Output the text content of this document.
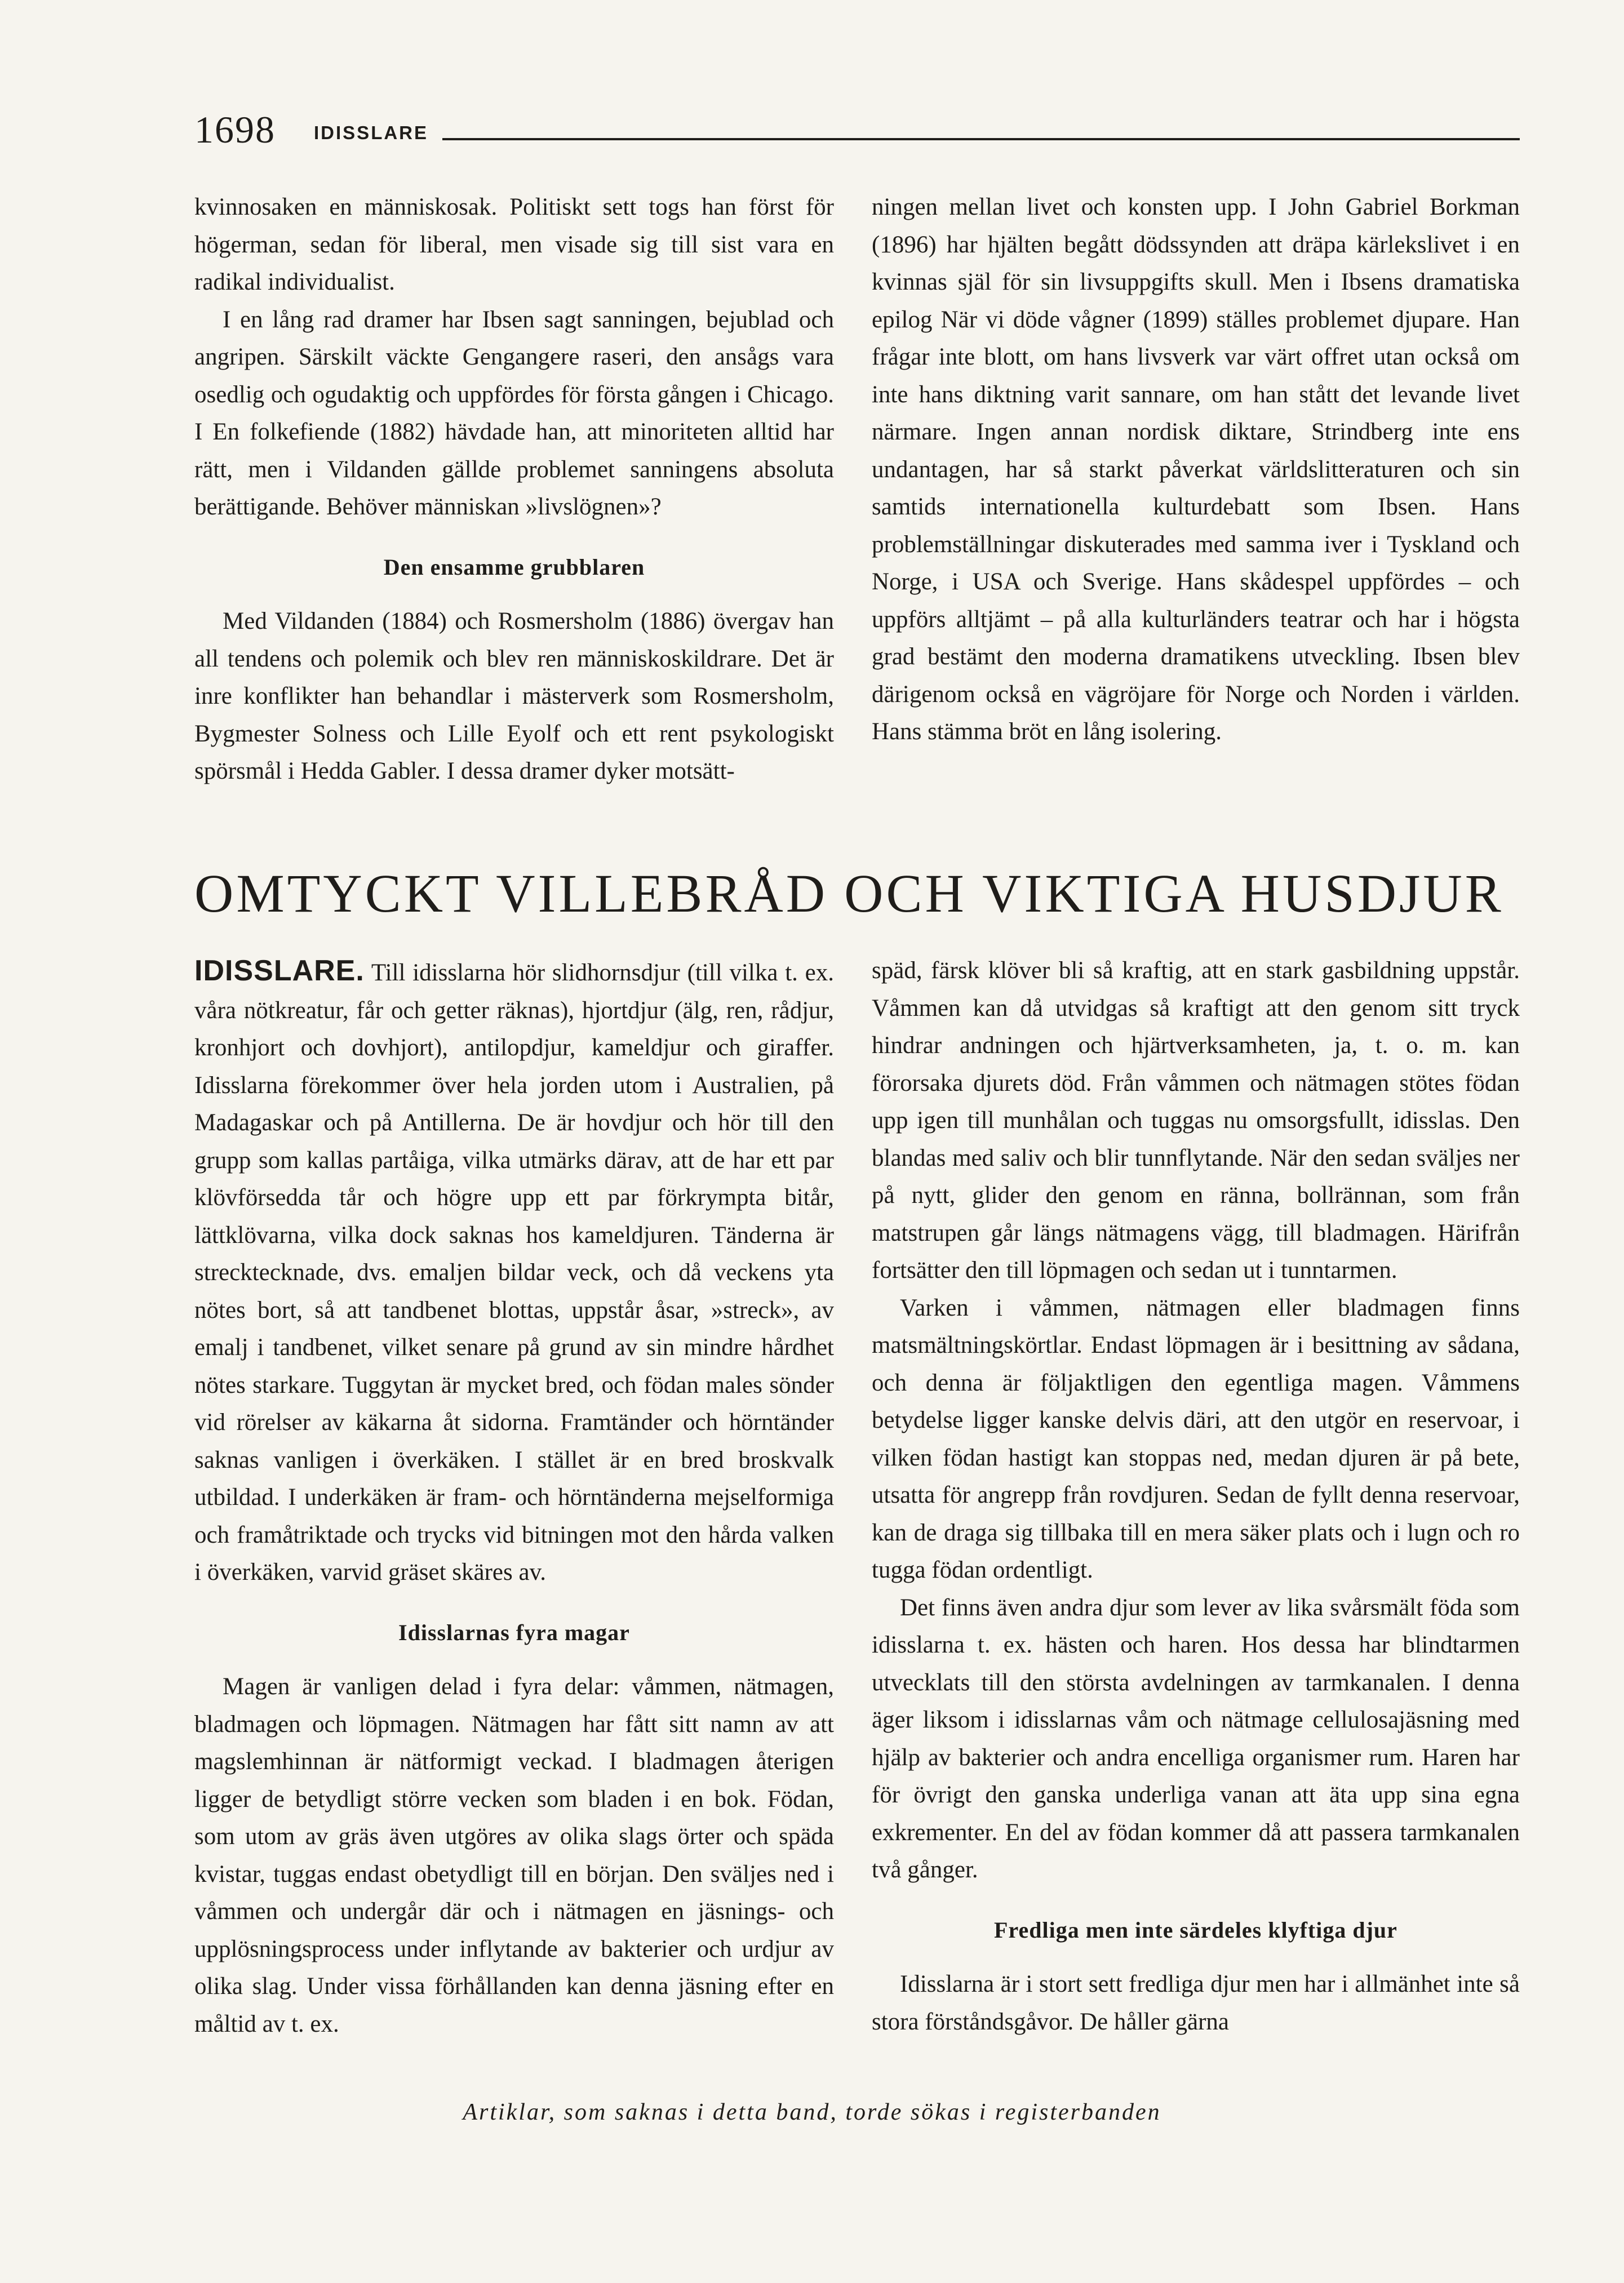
1698 IDISSLARE

kvinnosaken en människosak. Politiskt sett togs han först för högerman, sedan för liberal, men visade sig till sist vara en radikal individualist.

I en lång rad dramer har Ibsen sagt sanningen, bejublad och angripen. Särskilt väckte Gengangere raseri, den ansågs vara osedlig och ogudaktig och uppfördes för första gången i Chicago. I En folkefiende (1882) hävdade han, att minoriteten alltid har rätt, men i Vildanden gällde problemet sanningens absoluta berättigande. Behöver människan »livslögnen»?

Den ensamme grubblaren

Med Vildanden (1884) och Rosmersholm (1886) övergav han all tendens och polemik och blev ren människoskildrare. Det är inre konflikter han behandlar i mästerverk som Rosmersholm, Bygmester Solness och Lille Eyolf och ett rent psykologiskt spörsmål i Hedda Gabler. I dessa dramer dyker motsätt-

ningen mellan livet och konsten upp. I John Gabriel Borkman (1896) har hjälten begått dödssynden att dräpa kärlekslivet i en kvinnas själ för sin livsuppgifts skull. Men i Ibsens dramatiska epilog När vi döde vågner (1899) ställes problemet djupare. Han frågar inte blott, om hans livsverk var värt offret utan också om inte hans diktning varit sannare, om han stått det levande livet närmare. Ingen annan nordisk diktare, Strindberg inte ens undantagen, har så starkt påverkat världslitteraturen och sin samtids internationella kulturdebatt som Ibsen. Hans problemställningar diskuterades med samma iver i Tyskland och Norge, i USA och Sverige. Hans skådespel uppfördes – och uppförs alltjämt – på alla kulturländers teatrar och har i högsta grad bestämt den moderna dramatikens utveckling. Ibsen blev därigenom också en vägröjare för Norge och Norden i världen. Hans stämma bröt en lång isolering.

OMTYCKT VILLEBRÅD OCH VIKTIGA HUSDJUR

IDISSLARE. Till idisslarna hör slidhornsdjur (till vilka t. ex. våra nötkreatur, får och getter räknas), hjortdjur (älg, ren, rådjur, kronhjort och dovhjort), antilopdjur, kameldjur och giraffer. Idisslarna förekommer över hela jorden utom i Australien, på Madagaskar och på Antillerna. De är hovdjur och hör till den grupp som kallas partåiga, vilka utmärks därav, att de har ett par klövförsedda tår och högre upp ett par förkrympta bitår, lättklövarna, vilka dock saknas hos kameldjuren. Tänderna är strecktecknade, dvs. emaljen bildar veck, och då veckens yta nötes bort, så att tandbenet blottas, uppstår åsar, »streck», av emalj i tandbenet, vilket senare på grund av sin mindre hårdhet nötes starkare. Tuggytan är mycket bred, och födan males sönder vid rörelser av käkarna åt sidorna. Framtänder och hörntänder saknas vanligen i överkäken. I stället är en bred broskvalk utbildad. I underkäken är fram- och hörntänderna mejselformiga och framåtriktade och trycks vid bitningen mot den hårda valken i överkäken, varvid gräset skäres av.

Idisslarnas fyra magar

Magen är vanligen delad i fyra delar: våmmen, nätmagen, bladmagen och löpmagen. Nätmagen har fått sitt namn av att magslemhinnan är nätformigt veckad. I bladmagen återigen ligger de betydligt större vecken som bladen i en bok. Födan, som utom av gräs även utgöres av olika slags örter och späda kvistar, tuggas endast obetydligt till en början. Den sväljes ned i våmmen och undergår där och i nätmagen en jäsnings- och upplösningsprocess under inflytande av bakterier och urdjur av olika slag. Under vissa förhållanden kan denna jäsning efter en måltid av t. ex.

späd, färsk klöver bli så kraftig, att en stark gasbildning uppstår. Våmmen kan då utvidgas så kraftigt att den genom sitt tryck hindrar andningen och hjärtverksamheten, ja, t. o. m. kan förorsaka djurets död. Från våmmen och nätmagen stötes födan upp igen till munhålan och tuggas nu omsorgsfullt, idisslas. Den blandas med saliv och blir tunnflytande. När den sedan sväljes ner på nytt, glider den genom en ränna, bollrännan, som från matstrupen går längs nätmagens vägg, till bladmagen. Härifrån fortsätter den till löpmagen och sedan ut i tunntarmen.

Varken i våmmen, nätmagen eller bladmagen finns matsmältningskörtlar. Endast löpmagen är i besittning av sådana, och denna är följaktligen den egentliga magen. Våmmens betydelse ligger kanske delvis däri, att den utgör en reservoar, i vilken födan hastigt kan stoppas ned, medan djuren är på bete, utsatta för angrepp från rovdjuren. Sedan de fyllt denna reservoar, kan de draga sig tillbaka till en mera säker plats och i lugn och ro tugga födan ordentligt.

Det finns även andra djur som lever av lika svårsmält föda som idisslarna t. ex. hästen och haren. Hos dessa har blindtarmen utvecklats till den största avdelningen av tarmkanalen. I denna äger liksom i idisslarnas våm och nätmage cellulosajäsning med hjälp av bakterier och andra encelliga organismer rum. Haren har för övrigt den ganska underliga vanan att äta upp sina egna exkrementer. En del av födan kommer då att passera tarmkanalen två gånger.

Fredliga men inte särdeles klyftiga djur

Idisslarna är i stort sett fredliga djur men har i allmänhet inte så stora förståndsgåvor. De håller gärna

Artiklar, som saknas i detta band, torde sökas i registerbanden
